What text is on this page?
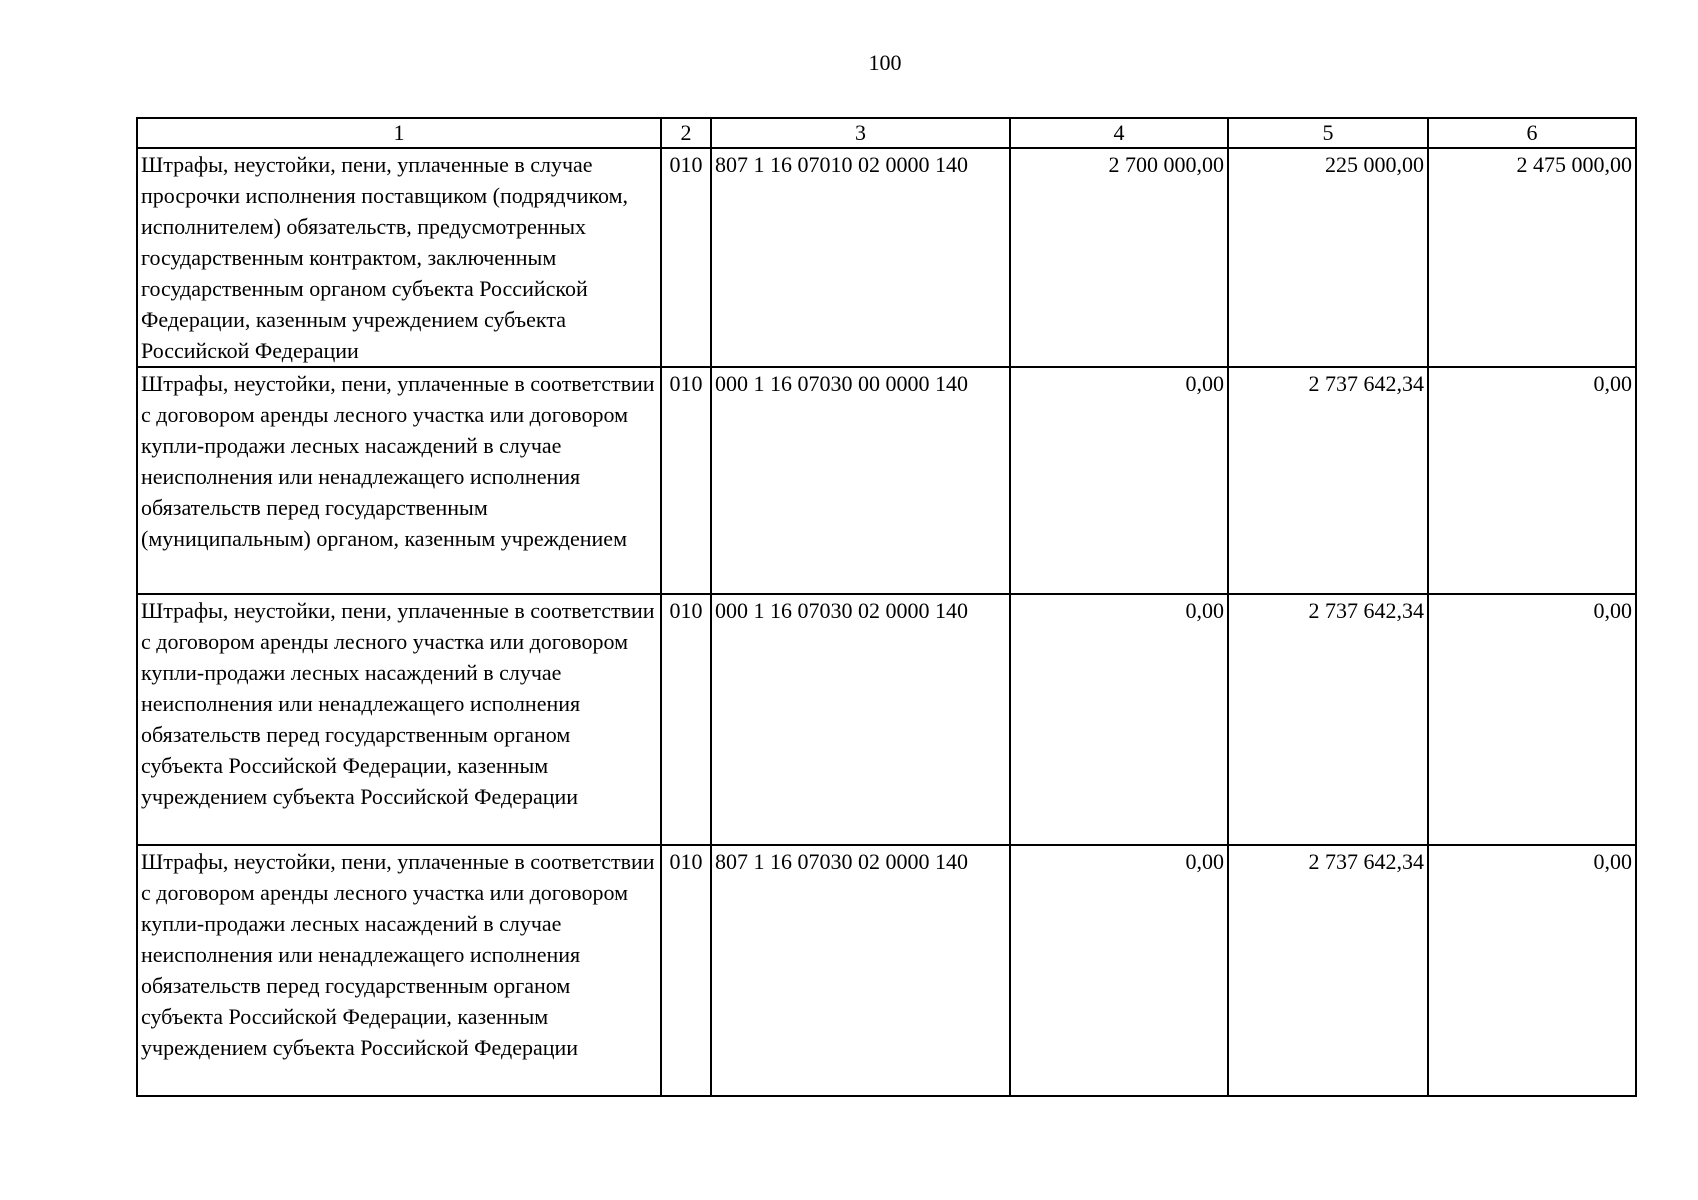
100
1	2	3	4	5	6
Штрафы, неустойки, пени, уплаченные в случае просрочки исполнения поставщиком (подрядчиком, исполнителем) обязательств, предусмотренных государственным контрактом, заключенным государственным органом субъекта Российской Федерации, казенным учреждением субъекта Российской Федерации	010	807 1 16 07010 02 0000 140	2 700 000,00	225 000,00	2 475 000,00
Штрафы, неустойки, пени, уплаченные в соответствии с договором аренды лесного участка или договором купли-продажи лесных насаждений в случае неисполнения или ненадлежащего исполнения обязательств перед государственным (муниципальным) органом, казенным учреждением	010	000 1 16 07030 00 0000 140	0,00	2 737 642,34	0,00
Штрафы, неустойки, пени, уплаченные в соответствии с договором аренды лесного участка или договором купли-продажи лесных насаждений в случае неисполнения или ненадлежащего исполнения обязательств перед государственным органом субъекта Российской Федерации, казенным учреждением субъекта Российской Федерации	010	000 1 16 07030 02 0000 140	0,00	2 737 642,34	0,00
Штрафы, неустойки, пени, уплаченные в соответствии с договором аренды лесного участка или договором купли-продажи лесных насаждений в случае неисполнения или ненадлежащего исполнения обязательств перед государственным органом субъекта Российской Федерации, казенным учреждением субъекта Российской Федерации	010	807 1 16 07030 02 0000 140	0,00	2 737 642,34	0,00
